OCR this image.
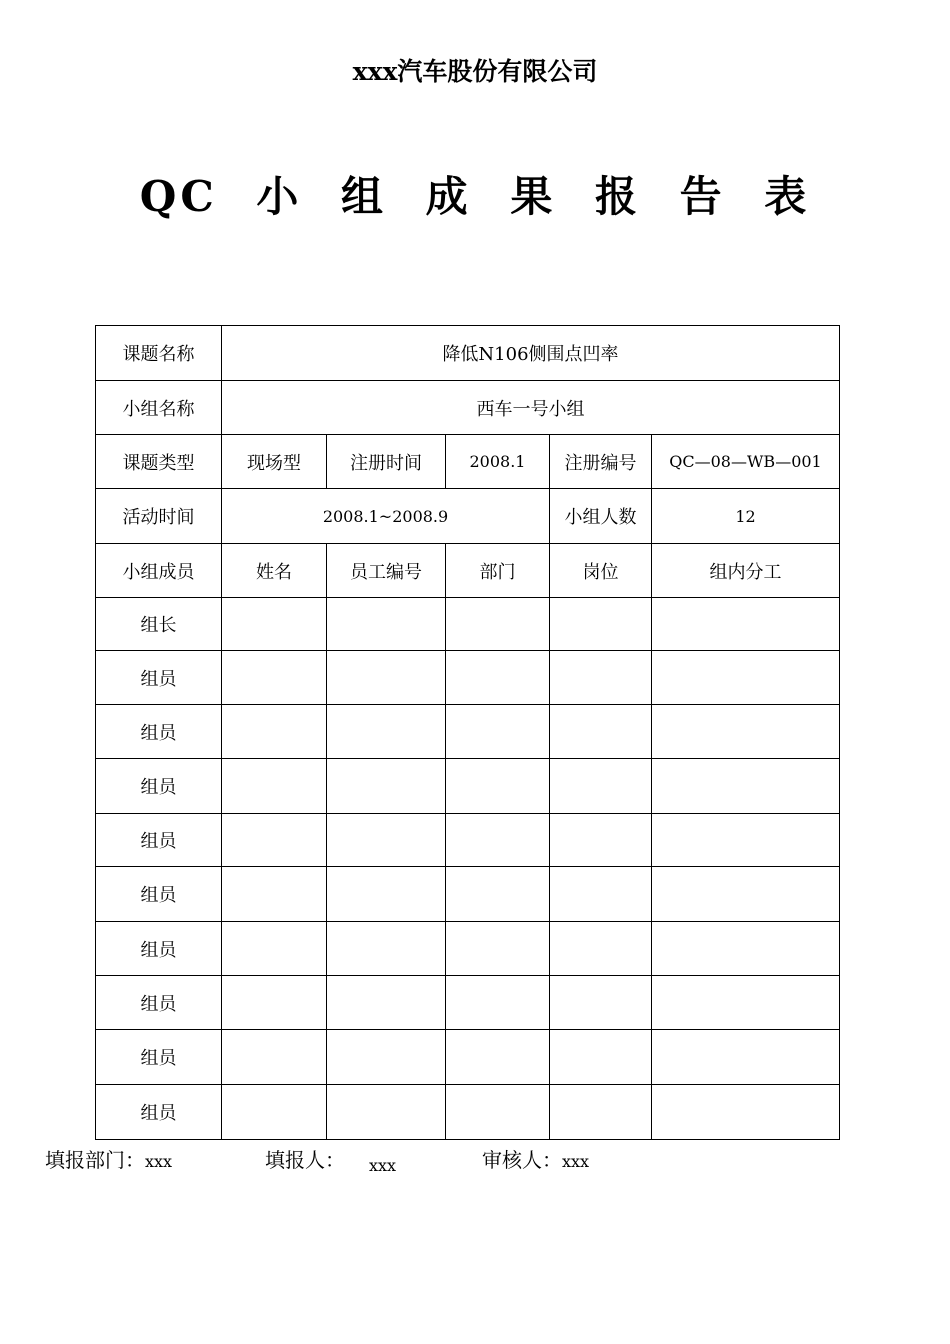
xxx汽车股份有限公司
QC 小 组 成 果 报 告 表
课题名称	降低N106侧围点凹率				
小组名称	西车一号小组				
课题类型	现场型	注册时间	2008.1	注册编号	QC—08—WB—001
活动时间	2008.1~2008.9			小组人数	12
小组成员	姓名	员工编号	部门	岗位	组内分工
组长					
组员					
组员					
组员					
组员					
组员					
组员					
组员					
组员					
组员					
填报部门：xxx	填报人： xxx	审核人：xxx
